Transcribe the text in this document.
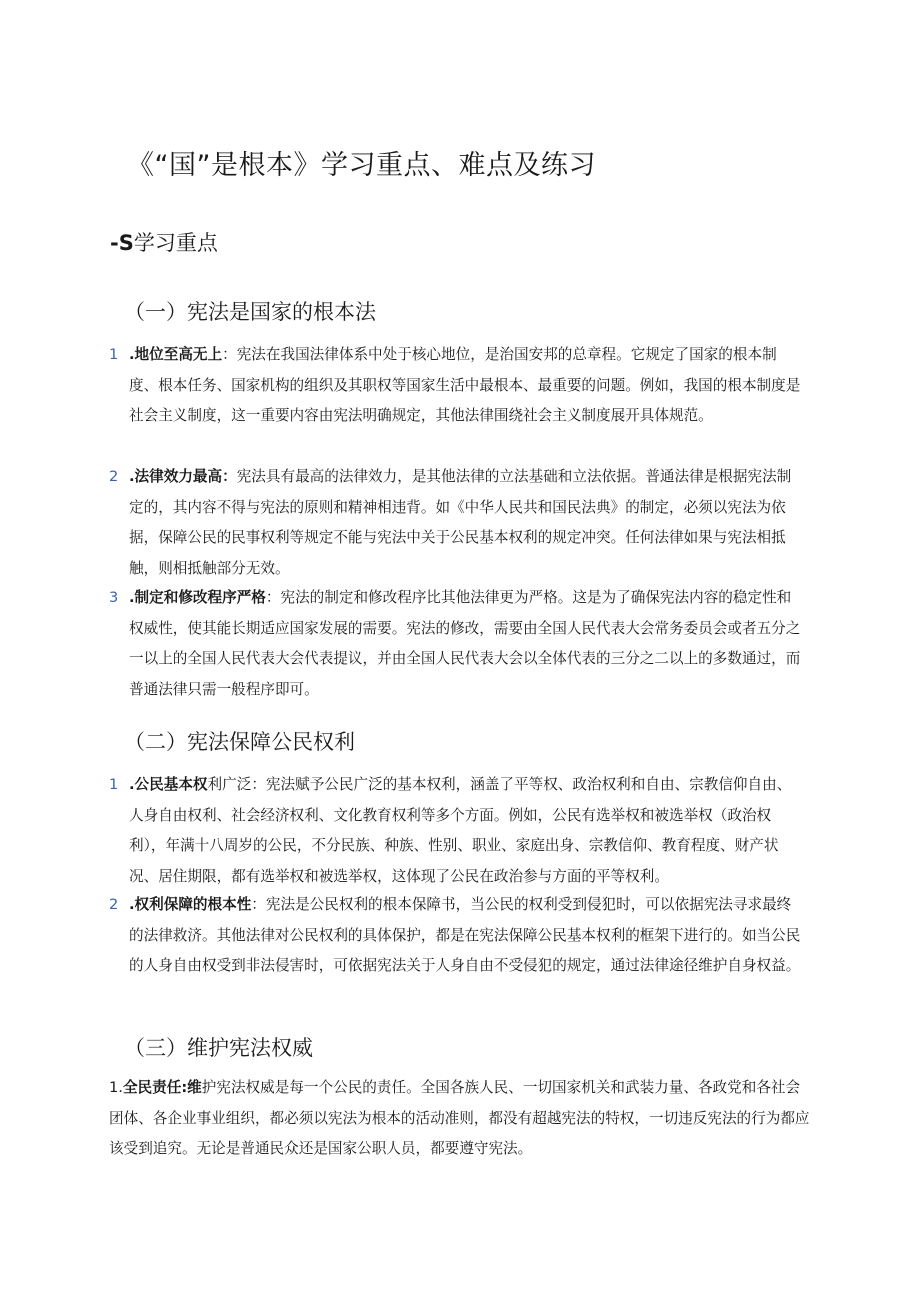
《“国”是根本》学习重点、难点及练习
-S学习重点
（一）宪法是国家的根本法
1 .地位至高无上：宪法在我国法律体系中处于核心地位，是治国安邦的总章程。它规定了国家的根本制度、根本任务、国家机构的组织及其职权等国家生活中最根本、最重要的问题。例如，我国的根本制度是社会主义制度，这一重要内容由宪法明确规定，其他法律围绕社会主义制度展开具体规范。
2 .法律效力最高：宪法具有最高的法律效力，是其他法律的立法基础和立法依据。普通法律是根据宪法制定的，其内容不得与宪法的原则和精神相违背。如《中华人民共和国民法典》的制定，必须以宪法为依据，保障公民的民事权利等规定不能与宪法中关于公民基本权利的规定冲突。任何法律如果与宪法相抵触，则相抵触部分无效。
3 .制定和修改程序严格：宪法的制定和修改程序比其他法律更为严格。这是为了确保宪法内容的稳定性和权威性，使其能长期适应国家发展的需要。宪法的修改，需要由全国人民代表大会常务委员会或者五分之一以上的全国人民代表大会代表提议，并由全国人民代表大会以全体代表的三分之二以上的多数通过，而普通法律只需一般程序即可。
（二）宪法保障公民权利
1 .公民基本权利广泛：宪法赋予公民广泛的基本权利，涵盖了平等权、政治权利和自由、宗教信仰自由、人身自由权利、社会经济权利、文化教育权利等多个方面。例如，公民有选举权和被选举权（政治权利），年满十八周岁的公民，不分民族、种族、性别、职业、家庭出身、宗教信仰、教育程度、财产状况、居住期限，都有选举权和被选举权，这体现了公民在政治参与方面的平等权利。
2 .权利保障的根本性：宪法是公民权利的根本保障书，当公民的权利受到侵犯时，可以依据宪法寻求最终的法律救济。其他法律对公民权利的具体保护，都是在宪法保障公民基本权利的框架下进行的。如当公民的人身自由权受到非法侵害时，可依据宪法关于人身自由不受侵犯的规定，通过法律途径维护自身权益。
（三）维护宪法权威
1.全民责任:维护宪法权威是每一个公民的责任。全国各族人民、一切国家机关和武装力量、各政党和各社会团体、各企业事业组织，都必须以宪法为根本的活动准则，都没有超越宪法的特权，一切违反宪法的行为都应该受到追究。无论是普通民众还是国家公职人员，都要遵守宪法。
